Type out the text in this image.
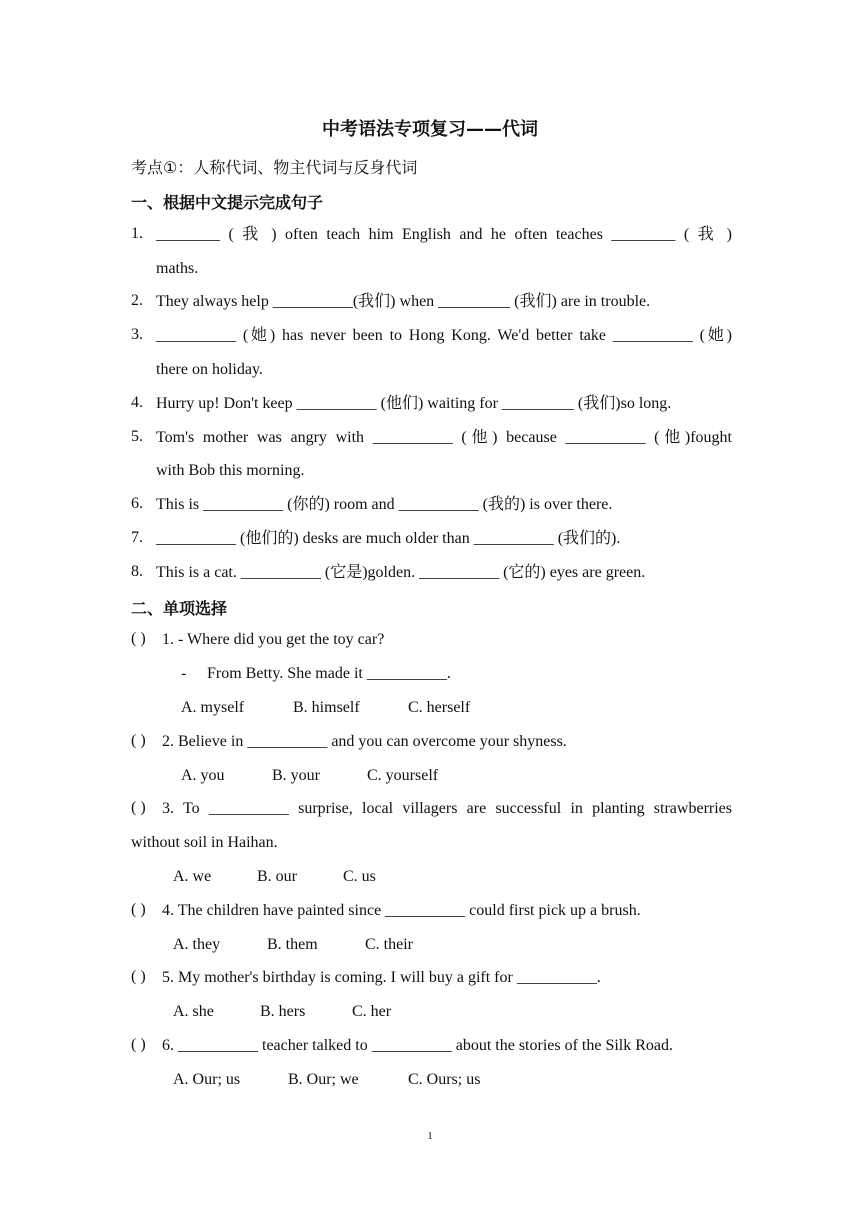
中考语法专项复习——代词
考点①：人称代词、物主代词与反身代词
一、根据中文提示完成句子
1. ________ ( 我 ) often teach him English and he often teaches ________ ( 我 )
maths.
2. They always help __________(我们) when _________ (我们) are in trouble.
3. __________ (她) has never been to Hong Kong. We'd better take __________ (她)
there on holiday.
4. Hurry up! Don't keep __________ (他们) waiting for _________ (我们)so long.
5. Tom's mother was angry with __________ (他) because __________ (他)fought
with Bob this morning.
6. This is __________ (你的) room and __________ (我的) is over there.
7. __________ (他们的) desks are much older than __________ (我们的).
8. This is a cat. __________ (它是)golden. __________ (它的) eyes are green.
二、单项选择
( ) 1. - Where did you get the toy car?
- From Betty. She made it __________.
A. myself	B. himself	C. herself
( ) 2. Believe in __________ and you can overcome your shyness.
A. you	B. your	C. yourself
( ) 3. To __________ surprise, local villagers are successful in planting strawberries
without soil in Haihan.
A. we	B. our	C. us
( ) 4. The children have painted since __________ could first pick up a brush.
A. they	B. them	C. their
( ) 5. My mother's birthday is coming. I will buy a gift for __________.
A. she	B. hers	C. her
( ) 6. __________ teacher talked to __________ about the stories of the Silk Road.
A. Our; us	B. Our; we	C. Ours; us
1
